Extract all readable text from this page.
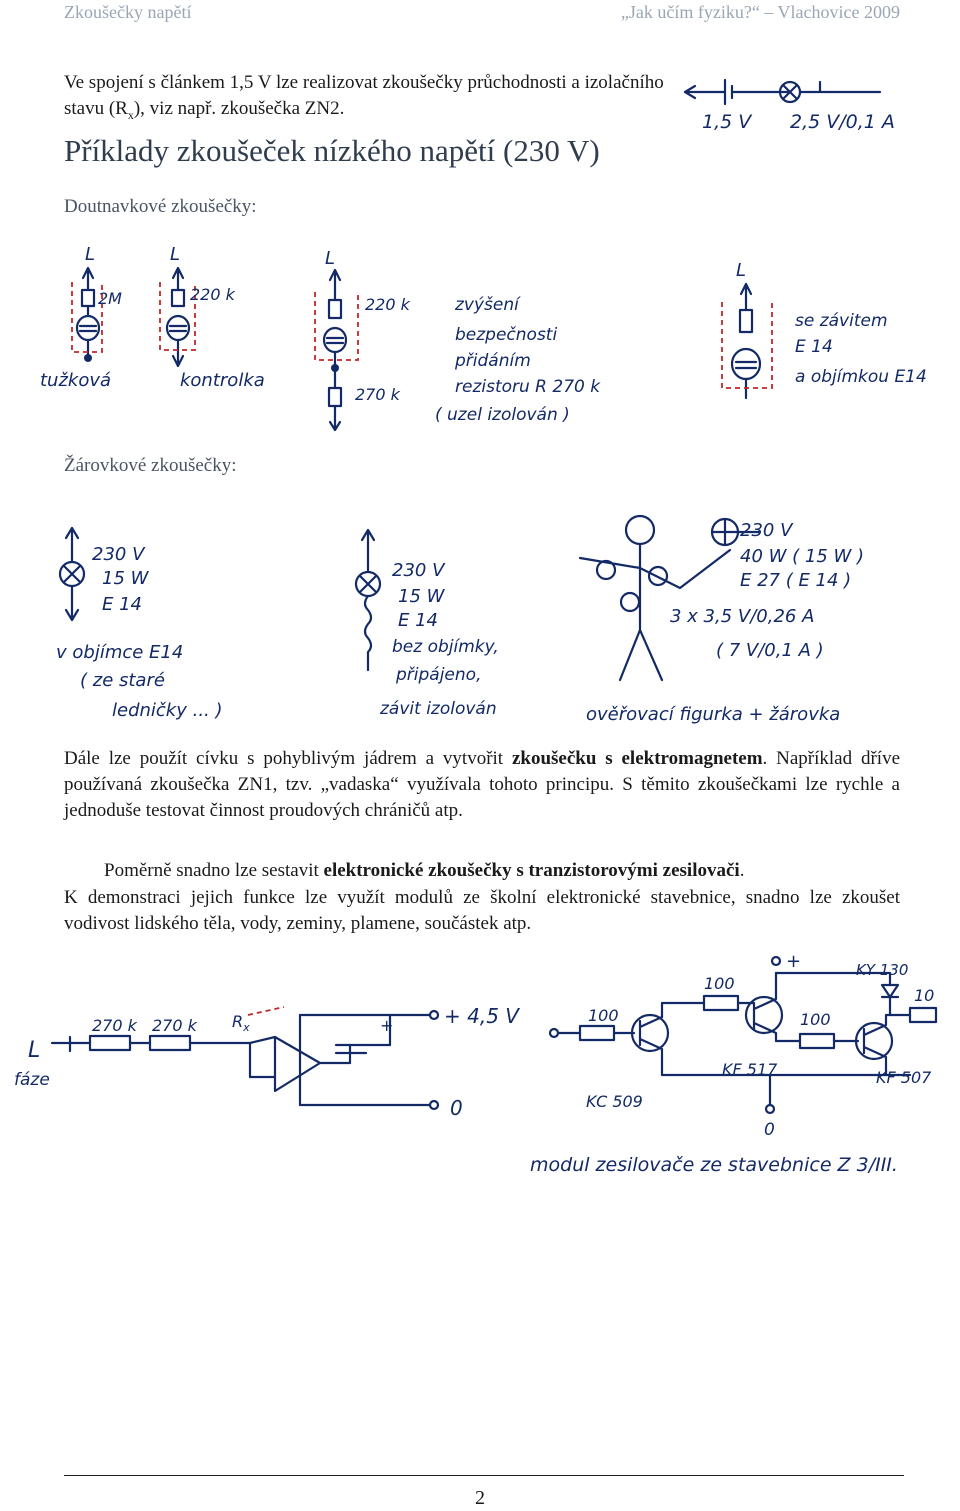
Zkoušečky napětí	„Jak učím fyziku?“ – Vlachovice 2009
Ve spojení s článkem 1,5 V lze realizovat zkoušečky průchodnosti a izolačního stavu $(R_x)$, viz např. zkoušečka ZN2.
Příklady zkoušeček nízkého napětí (230 V)
Doutnavkové zkoušečky:
Žárovkové zkoušečky:
1,5 V 2,5 V/0,1 A
L
2M
tužková
L
220 k
kontrolka
L
220 k
270 k
zvýšení
bezpečnosti
přidáním
rezistoru R 270 k
( uzel izolován )
L
se závitem
E 14
a objímkou E14
230 V
15 W
E 14
v objímce E14
( ze staré
ledničky ... )
230 V
15 W
E 14
bez objímky,
připájeno,
závit izolován
230 V
40 W ( 15 W )
E 27 ( E 14 )
3 x 3,5 V/0,26 A
( 7 V/0,1 A )
ověřovací figurka + žárovka
Dále lze použít cívku s pohyblivým jádrem a vytvořit zkoušečku s elektromagnetem. Například dříve používaná zkoušečka ZN1, tzv. „vadaska“ využívala tohoto principu. S těmito zkoušečkami lze rychle a jednoduše testovat činnost proudových chráničů atp.
Poměrně snadno lze sestavit elektronické zkoušečky s tranzistorovými zesilovači.
K demonstraci jejich funkce lze využít modulů ze školní elektronické stavebnice, snadno lze zkoušet vodivost lidského těla, vody, zeminy, plamene, součástek atp.
L
fáze
270 k 270 k $R_x$	+	+ 4,5 V
0
100
KC 509
100
+	KY 130
KF 517
100
10
KF 507
0
modul zesilovače ze stavebnice Z 3/III.
2
